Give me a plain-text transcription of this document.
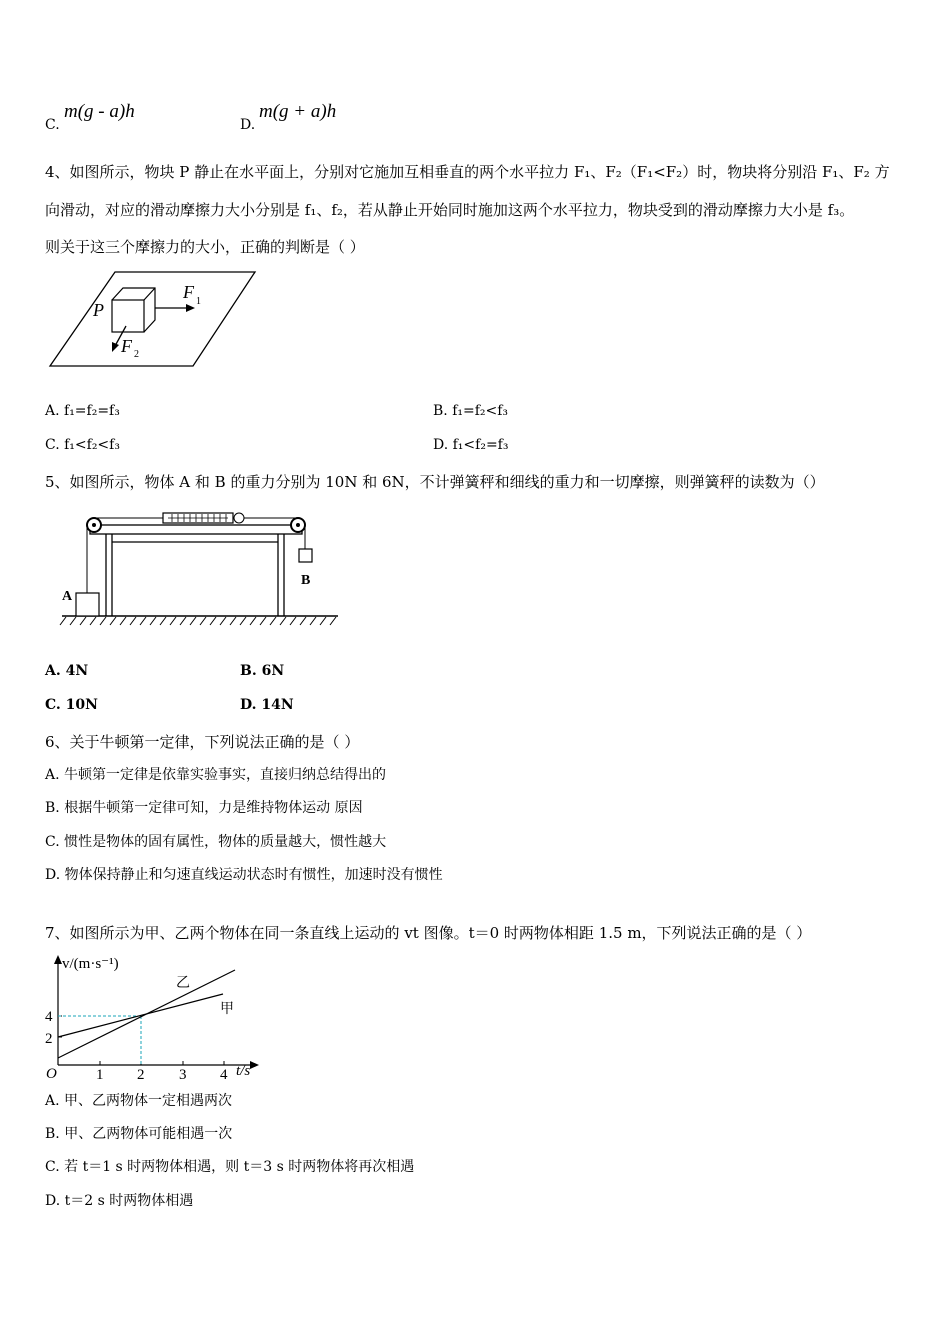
C.
m(g - a)h
D.
m(g + a)h
4、如图所示，物块 P 静止在水平面上，分别对它施加互相垂直的两个水平拉力 F₁、F₂（F₁<F₂）时，物块将分别沿 F₁、F₂ 方
向滑动，对应的滑动摩擦力大小分别是 f₁、f₂，若从静止开始同时施加这两个水平拉力，物块受到的滑动摩擦力大小是 f₃。
则关于这三个摩擦力的大小，正确的判断是（ ）
P
F 1
F 2
A. f₁=f₂=f₃	B. f₁=f₂<f₃
C. f₁<f₂<f₃	D. f₁<f₂=f₃
5、如图所示，物体 A 和 B 的重力分别为 10N 和 6N，不计弹簧秤和细线的重力和一切摩擦，则弹簧秤的读数为（）
A
B
A. 4N	B. 6N
C. 10N	D. 14N
6、关于牛顿第一定律，下列说法正确的是（ ）
A. 牛顿第一定律是依靠实验事实，直接归纳总结得出的
B. 根据牛顿第一定律可知，力是维持物体运动 原因
C. 惯性是物体的固有属性，物体的质量越大，惯性越大
D. 物体保持静止和匀速直线运动状态时有惯性，加速时没有惯性
7、如图所示为甲、乙两个物体在同一条直线上运动的 vt 图像。t＝0 时两物体相距 1.5 m，下列说法正确的是（ ）
v/(m·s⁻¹)
t/s
O	1 2 3 4
2
4
乙
甲
A. 甲、乙两物体一定相遇两次
B. 甲、乙两物体可能相遇一次
C. 若 t＝1 s 时两物体相遇，则 t＝3 s 时两物体将再次相遇
D. t＝2 s 时两物体相遇
